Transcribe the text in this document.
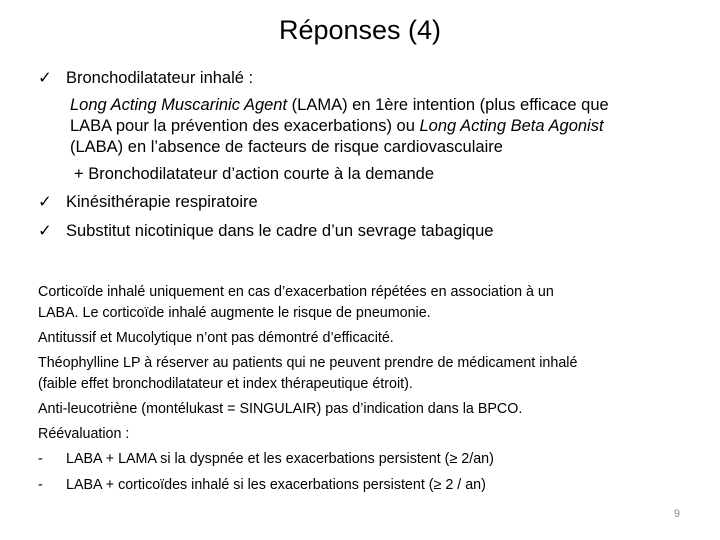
Réponses (4)
✓ Bronchodilatateur inhalé :
Long Acting Muscarinic Agent (LAMA) en 1ère intention (plus efficace que
LABA pour la prévention des exacerbations) ou Long Acting Beta Agonist
(LABA) en l’absence de facteurs de risque cardiovasculaire
+ Bronchodilatateur d’action courte à la demande
✓ Kinésithérapie respiratoire
✓ Substitut nicotinique dans le cadre d’un sevrage tabagique
Corticoïde inhalé uniquement en cas d’exacerbation répétées en association à un
LABA. Le corticoïde inhalé augmente le risque de pneumonie.
Antitussif et Mucolytique n’ont pas démontré d’efficacité.
Théophylline LP à réserver au patients qui ne peuvent prendre de médicament inhalé
(faible effet bronchodilatateur et index thérapeutique étroit).
Anti-leucotriène (montélukast = SINGULAIR) pas d’indication dans la BPCO.
Réévaluation :
-	LABA + LAMA si la dyspnée et les exacerbations persistent (≥ 2/an)
-	LABA + corticoïdes inhalé si les exacerbations persistent (≥ 2 / an)
9
